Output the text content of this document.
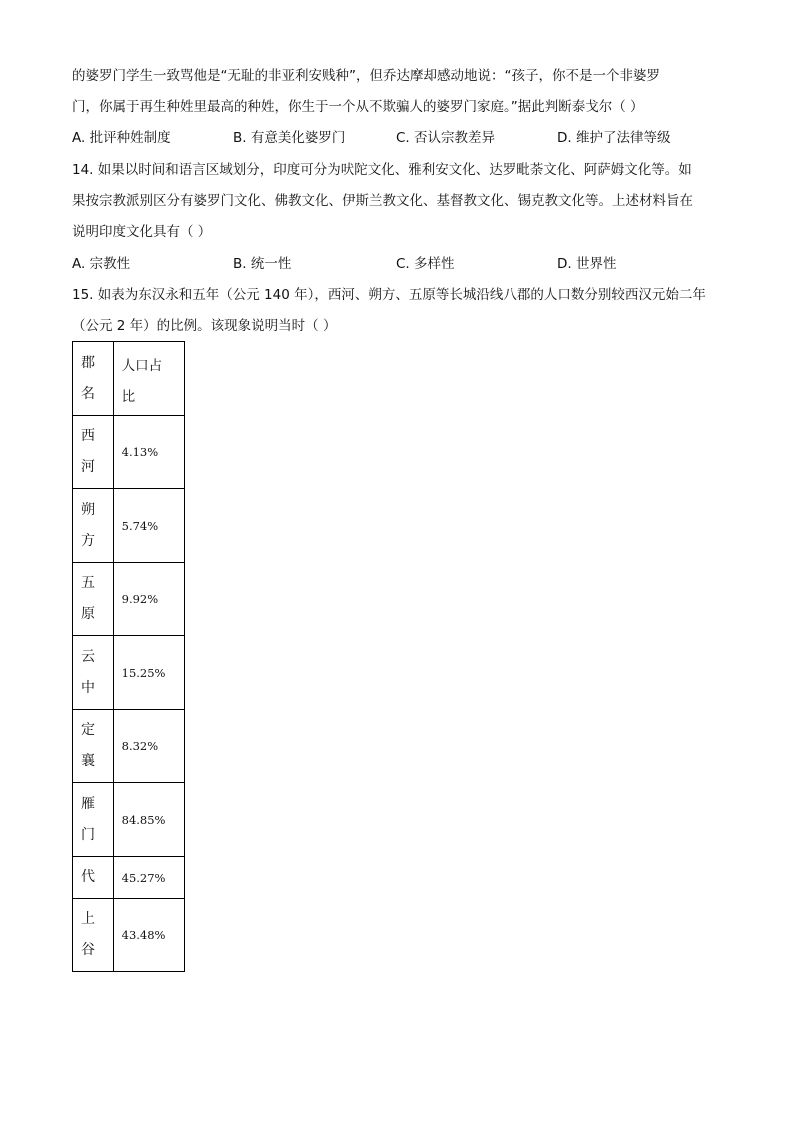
的婆罗门学生一致骂他是“无耻的非亚利安贱种”，但乔达摩却感动地说：“孩子，你不是一个非婆罗
门，你属于再生种姓里最高的种姓，你生于一个从不欺骗人的婆罗门家庭。”据此判断泰戈尔（ ）
A. 批评种姓制度	B. 有意美化婆罗门	C. 否认宗教差异	D. 维护了法律等级
14. 如果以时间和语言区域划分，印度可分为吠陀文化、雅利安文化、达罗毗荼文化、阿萨姆文化等。如
果按宗教派别区分有婆罗门文化、佛教文化、伊斯兰教文化、基督教文化、锡克教文化等。上述材料旨在
说明印度文化具有（ ）
A. 宗教性	B. 统一性	C. 多样性	D. 世界性
15. 如表为东汉永和五年（公元 140 年），西河、朔方、五原等长城沿线八郡的人口数分别较西汉元始二年
（公元 2 年）的比例。该现象说明当时（ ）
郡名	人口占比

西河	4.13%

朔方	5.74%

五原	9.92%

云中	15.25%

定襄	8.32%

雁门	84.85%

代	45.27%

上谷	43.48%
